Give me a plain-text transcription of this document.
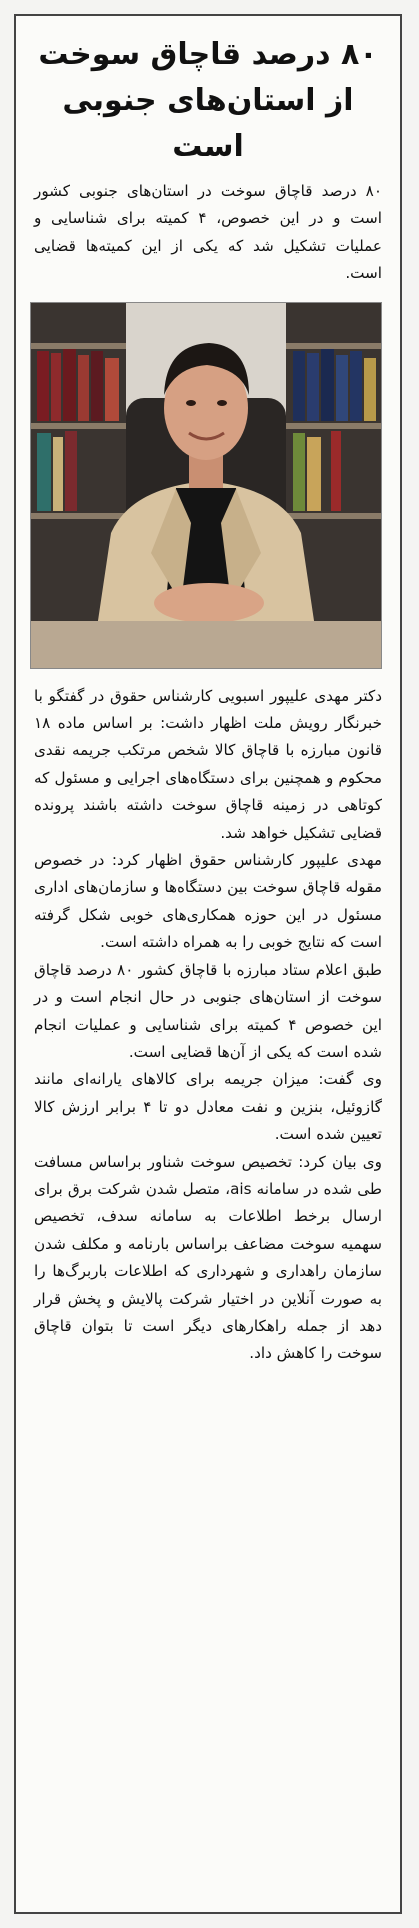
۸۰ درصد قاچاق سوخت از استان‌های جنوبی است

۸۰ درصد قاچاق سوخت در استان‌های جنوبی کشور است و در این خصوص، ۴ کمیته برای شناسایی و عملیات تشکیل شد که یکی از این کمیته‌ها قضایی است.

دکتر مهدی علیپور اسبویی کارشناس حقوق در گفتگو با خبرنگار رویش ملت اظهار داشت: بر اساس ماده ۱۸ قانون مبارزه با قاچاق کالا شخص مرتکب جریمه نقدی محکوم و همچنین برای دستگاه‌های اجرایی و مسئول که کوتاهی در زمینه قاچاق سوخت داشته باشند پرونده قضایی تشکیل خواهد شد.

مهدی علیپور کارشناس حقوق اظهار کرد: در خصوص مقوله قاچاق سوخت بین دستگاه‌ها و سازمان‌های اداری مسئول در این حوزه همکاری‌های خوبی شکل گرفته است که نتایج خوبی را به همراه داشته است.

طبق اعلام ستاد مبارزه با قاچاق کشور ۸۰ درصد قاچاق سوخت از استان‌های جنوبی در حال انجام است و در این خصوص ۴ کمیته برای شناسایی و عملیات انجام شده است که یکی از آن‌ها قضایی است.

وی گفت: میزان جریمه برای کالاهای یارانه‌ای مانند گازوئیل، بنزین و نفت معادل دو تا ۴ برابر ارزش کالا تعیین شده است.

وی بیان کرد: تخصیص سوخت شناور براساس مسافت طی شده در سامانه ais، متصل شدن شرکت برق برای ارسال برخط اطلاعات به سامانه سدف، تخصیص سهمیه سوخت مضاعف براساس بارنامه و مکلف شدن سازمان راهداری و شهرداری که اطلاعات باربرگ‌ها را به صورت آنلاین در اختیار شرکت پالایش و پخش قرار دهد از جمله راهکارهای دیگر است تا بتوان قاچاق سوخت را کاهش داد.
